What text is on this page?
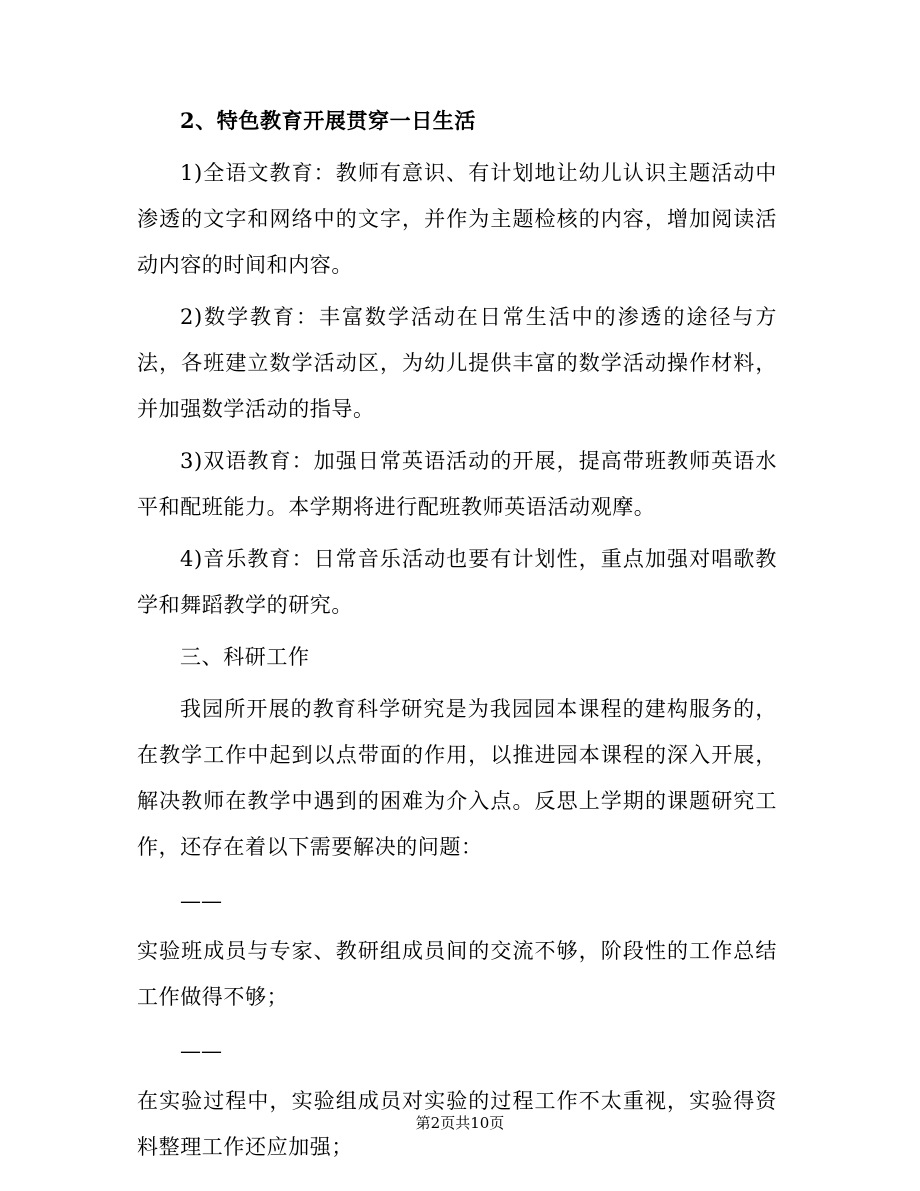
2、特色教育开展贯穿一日生活

1)全语文教育：教师有意识、有计划地让幼儿认识主题活动中渗透的文字和网络中的文字，并作为主题检核的内容，增加阅读活动内容的时间和内容。

2)数学教育：丰富数学活动在日常生活中的渗透的途径与方法，各班建立数学活动区，为幼儿提供丰富的数学活动操作材料，并加强数学活动的指导。

3)双语教育：加强日常英语活动的开展，提高带班教师英语水平和配班能力。本学期将进行配班教师英语活动观摩。

4)音乐教育：日常音乐活动也要有计划性，重点加强对唱歌教学和舞蹈教学的研究。

三、科研工作

我园所开展的教育科学研究是为我园园本课程的建构服务的，在教学工作中起到以点带面的作用，以推进园本课程的深入开展，解决教师在教学中遇到的困难为介入点。反思上学期的课题研究工作，还存在着以下需要解决的问题：

——

实验班成员与专家、教研组成员间的交流不够，阶段性的工作总结工作做得不够；

——

在实验过程中，实验组成员对实验的过程工作不太重视，实验得资料整理工作还应加强；

第2页共10页
